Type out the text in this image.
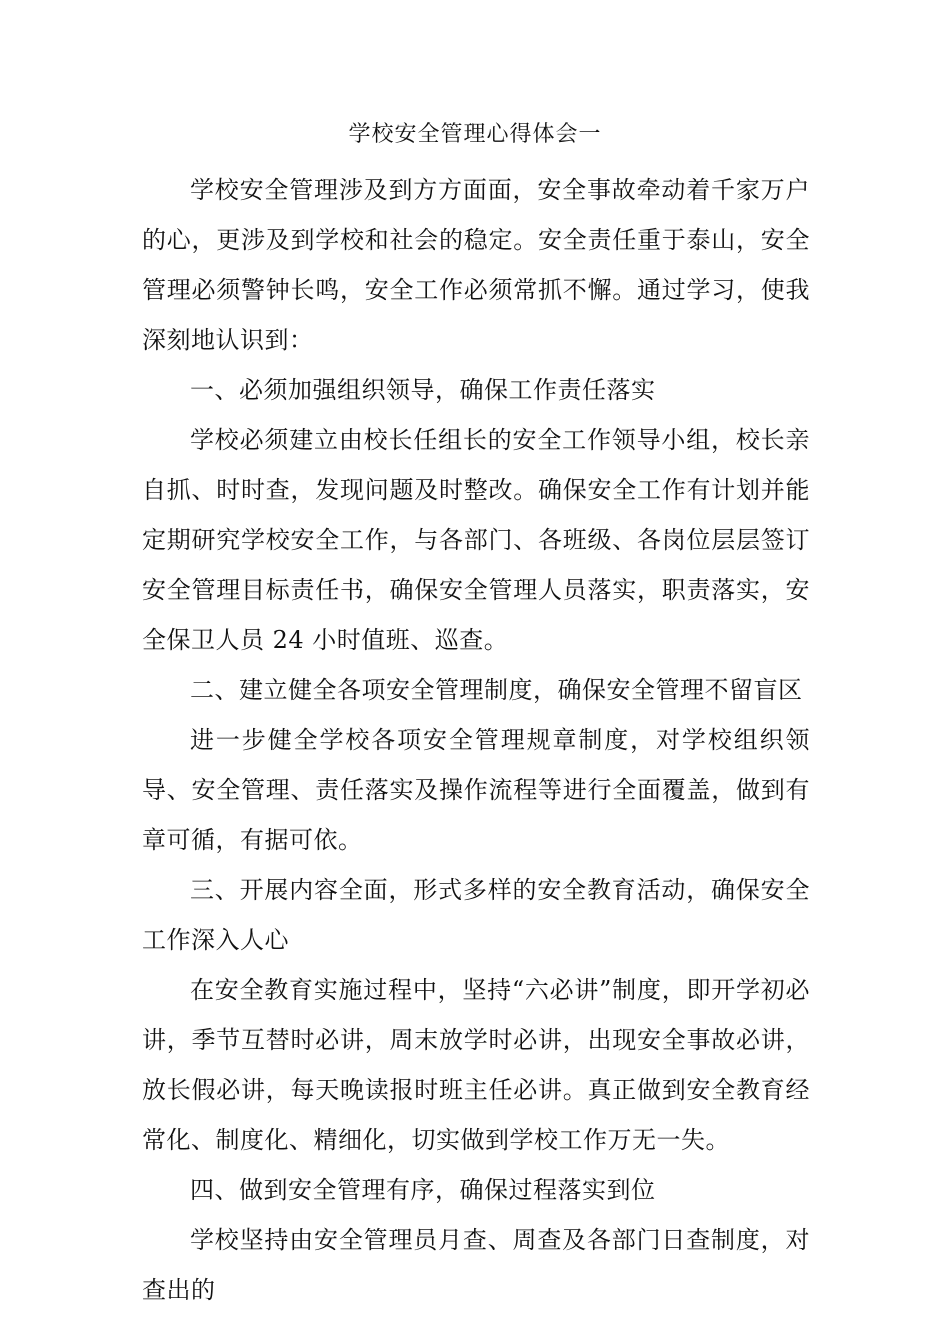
学校安全管理心得体会一

学校安全管理涉及到方方面面，安全事故牵动着千家万户的心，更涉及到学校和社会的稳定。安全责任重于泰山，安全管理必须警钟长鸣，安全工作必须常抓不懈。通过学习，使我深刻地认识到：

一、必须加强组织领导，确保工作责任落实

学校必须建立由校长任组长的安全工作领导小组，校长亲自抓、时时查，发现问题及时整改。确保安全工作有计划并能定期研究学校安全工作，与各部门、各班级、各岗位层层签订安全管理目标责任书，确保安全管理人员落实，职责落实，安全保卫人员 24 小时值班、巡查。

二、建立健全各项安全管理制度，确保安全管理不留盲区

进一步健全学校各项安全管理规章制度，对学校组织领导、安全管理、责任落实及操作流程等进行全面覆盖，做到有章可循，有据可依。

三、开展内容全面，形式多样的安全教育活动，确保安全工作深入人心

在安全教育实施过程中，坚持“六必讲”制度，即开学初必讲，季节互替时必讲，周末放学时必讲，出现安全事故必讲，放长假必讲，每天晚读报时班主任必讲。真正做到安全教育经常化、制度化、精细化，切实做到学校工作万无一失。

四、做到安全管理有序，确保过程落实到位

学校坚持由安全管理员月查、周查及各部门日查制度，对查出的
